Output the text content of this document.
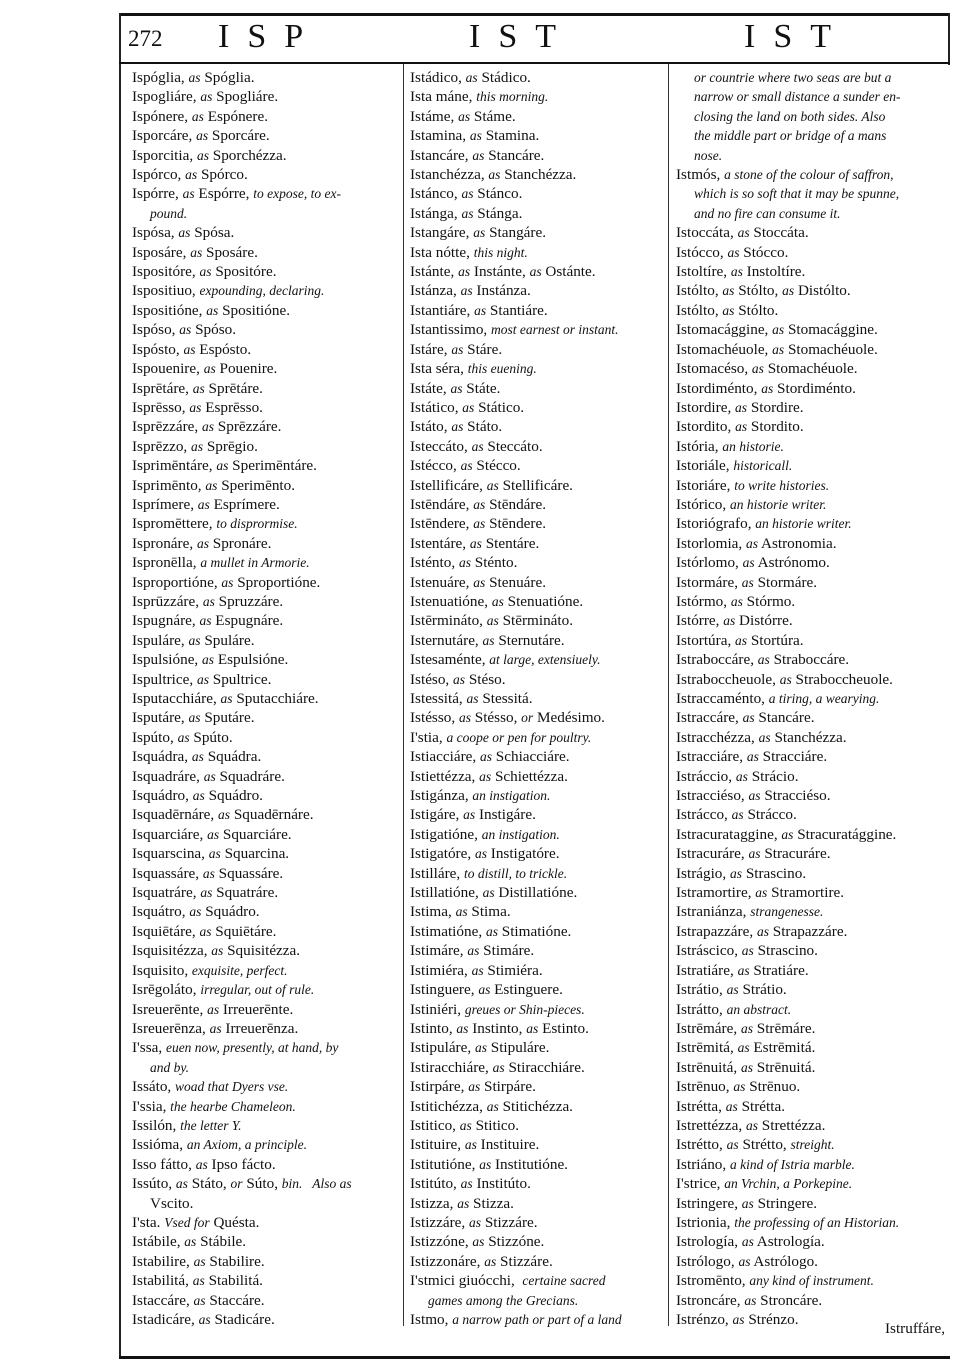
272 ISP	IST	IST
Ispóglia, as Spóglia.
Ispogliáre, as Spogliáre.
Ispónere, as Espónere.
Isporcáre, as Sporcáre.
Isporcitia, as Sporchézza.
Ispórco, as Spórco.
Ispórre, as Espórre, to expose, to ex-
pound.
Ispósa, as Spósa.
Isposáre, as Sposáre.
Ispositóre, as Spositóre.
Ispositiuo, expounding, declaring.
Ispositióne, as Spositióne.
Ispóso, as Spóso.
Ispósto, as Espósto.
Ispouenire, as Pouenire.
Isprētáre, as Sprētáre.
Isprēsso, as Esprēsso.
Isprēzzáre, as Sprēzzáre.
Isprēzzo, as Sprēgio.
Isprimēntáre, as Sperimēntáre.
Isprimēnto, as Sperimēnto.
Isprímere, as Esprímere.
Ispromēttere, to disprormise.
Ispronáre, as Spronáre.
Ispronēlla, a mullet in Armorie.
Isproportióne, as Sproportióne.
Isprūzzáre, as Spruzzáre.
Ispugnáre, as Espugnáre.
Ispuláre, as Spuláre.
Ispulsióne, as Espulsióne.
Ispultrice, as Spultrice.
Isputacchiáre, as Sputacchiáre.
Isputáre, as Sputáre.
Ispúto, as Spúto.
Isquádra, as Squádra.
Isquadráre, as Squadráre.
Isquádro, as Squádro.
Isquadērnáre, as Squadērnáre.
Isquarciáre, as Squarciáre.
Isquarscina, as Squarcina.
Isquassáre, as Squassáre.
Isquatráre, as Squatráre.
Isquátro, as Squádro.
Isquiētáre, as Squiētáre.
Isquisitézza, as Squisitézza.
Isquisito, exquisite, perfect.
Isrēgoláto, irregular, out of rule.
Isreuerēnte, as Irreuerēnte.
Isreuerēnza, as Irreuerēnza.
I'ssa, euen now, presently, at hand, by
and by.
Issáto, woad that Dyers vse.
I'ssia, the hearbe Chameleon.
Issilón, the letter Y.
Issióma, an Axiom, a principle.
Isso fátto, as Ipso fácto.
Issúto, as Státo, or Súto, bin.   Also as
Vscito.
I'sta. Vsed for Quésta.
Istábile, as Stábile.
Istabilire, as Stabilire.
Istabilitá, as Stabilitá.
Istaccáre, as Staccáre.
Istadicáre, as Stadicáre.
Istádico, as Stádico.
Ista máne, this morning.
Istáme, as Stáme.
Istamina, as Stamina.
Istancáre, as Stancáre.
Istanchézza, as Stanchézza.
Istánco, as Stánco.
Istánga, as Stánga.
Istangáre, as Stangáre.
Ista nótte, this night.
Istánte, as Instánte, as Ostánte.
Istánza, as Instánza.
Istantiáre, as Stantiáre.
Istantissimo, most earnest or instant.
Istáre, as Stáre.
Ista séra, this euening.
Istáte, as Státe.
Istático, as Stático.
Istáto, as Státo.
Isteccáto, as Steccáto.
Istécco, as Stécco.
Istellificáre, as Stellificáre.
Istēndáre, as Stēndáre.
Istēndere, as Stēndere.
Istentáre, as Stentáre.
Isténto, as Sténto.
Istenuáre, as Stenuáre.
Istenuatióne, as Stenuatióne.
Istērmináto, as Stērmináto.
Isternutáre, as Sternutáre.
Istesaménte, at large, extensiuely.
Istéso, as Stéso.
Istessitá, as Stessitá.
Istésso, as Stésso, or Medésimo.
I'stia, a coope or pen for poultry.
Istiacciáre, as Schiacciáre.
Istiettézza, as Schiettézza.
Istigánza, an instigation.
Istigáre, as Instigáre.
Istigatióne, an instigation.
Istigatóre, as Instigatóre.
Istilláre, to distill, to trickle.
Istillatióne, as Distillatióne.
Istima, as Stima.
Istimatióne, as Stimatióne.
Istimáre, as Stimáre.
Istimiéra, as Stimiéra.
Istinguere, as Estinguere.
Istiniéri, greues or Shin-pieces.
Istinto, as Instinto, as Estinto.
Istipuláre, as Stipuláre.
Istiracchiáre, as Stiracchiáre.
Istirpáre, as Stirpáre.
Istitichézza, as Stitichézza.
Istitico, as Stitico.
Istituire, as Instituire.
Istitutióne, as Institutióne.
Istitúto, as Institúto.
Istizza, as Stizza.
Istizzáre, as Stizzáre.
Istizzóne, as Stizzóne.
Istizzonáre, as Stizzáre.
I'stmici giuócchi,  certaine sacred
games among the Grecians.
Istmo, a narrow path or part of a land
or countrie where two seas are but a
narrow or small distance a sunder en-
closing the land on both sides. Also
the middle part or bridge of a mans
nose.
Istmós, a stone of the colour of saffron,
which is so soft that it may be spunne,
and no fire can consume it.
Istoccáta, as Stoccáta.
Istócco, as Stócco.
Istoltíre, as Instoltíre.
Istólto, as Stólto, as Distólto.
Istólto, as Stólto.
Istomacággine, as Stomacággine.
Istomachéuole, as Stomachéuole.
Istomacéso, as Stomachéuole.
Istordiménto, as Stordiménto.
Istordire, as Stordire.
Istordito, as Stordito.
Istória, an historie.
Istoriále, historicall.
Istoriáre, to write histories.
Istórico, an historie writer.
Istoriógrafo, an historie writer.
Istorlomia, as Astronomia.
Istórlomo, as Astrónomo.
Istormáre, as Stormáre.
Istórmo, as Stórmo.
Istórre, as Distórre.
Istortúra, as Stortúra.
Istraboccáre, as Straboccáre.
Istraboccheuole, as Straboccheuole.
Istraccaménto, a tiring, a wearying.
Istraccáre, as Stancáre.
Istracchézza, as Stanchézza.
Istracciáre, as Stracciáre.
Istráccio, as Strácio.
Istracciéso, as Stracciéso.
Istrácco, as Strácco.
Istracurataggine, as Stracuratággine.
Istracuráre, as Stracuráre.
Istrágio, as Strascino.
Istramortire, as Stramortire.
Istraniánza, strangenesse.
Istrapazzáre, as Strapazzáre.
Istráscico, as Strascino.
Istratiáre, as Stratiáre.
Istrátio, as Strátio.
Istrátto, an abstract.
Istrēmáre, as Strēmáre.
Istrēmitá, as Estrēmitá.
Istrēnuitá, as Strēnuitá.
Istrēnuo, as Strēnuo.
Istrétta, as Strétta.
Istrettézza, as Strettézza.
Istrétto, as Strétto, streight.
Istriáno, a kind of Istria marble.
I'strice, an Vrchin, a Porkepine.
Istringere, as Stringere.
Istrionia, the professing of an Historian.
Istrología, as Astrología.
Istrólogo, as Astrólogo.
Istromēnto, any kind of instrument.
Istroncáre, as Stroncáre.
Istrénzo, as Strénzo.
Istruffáre,
